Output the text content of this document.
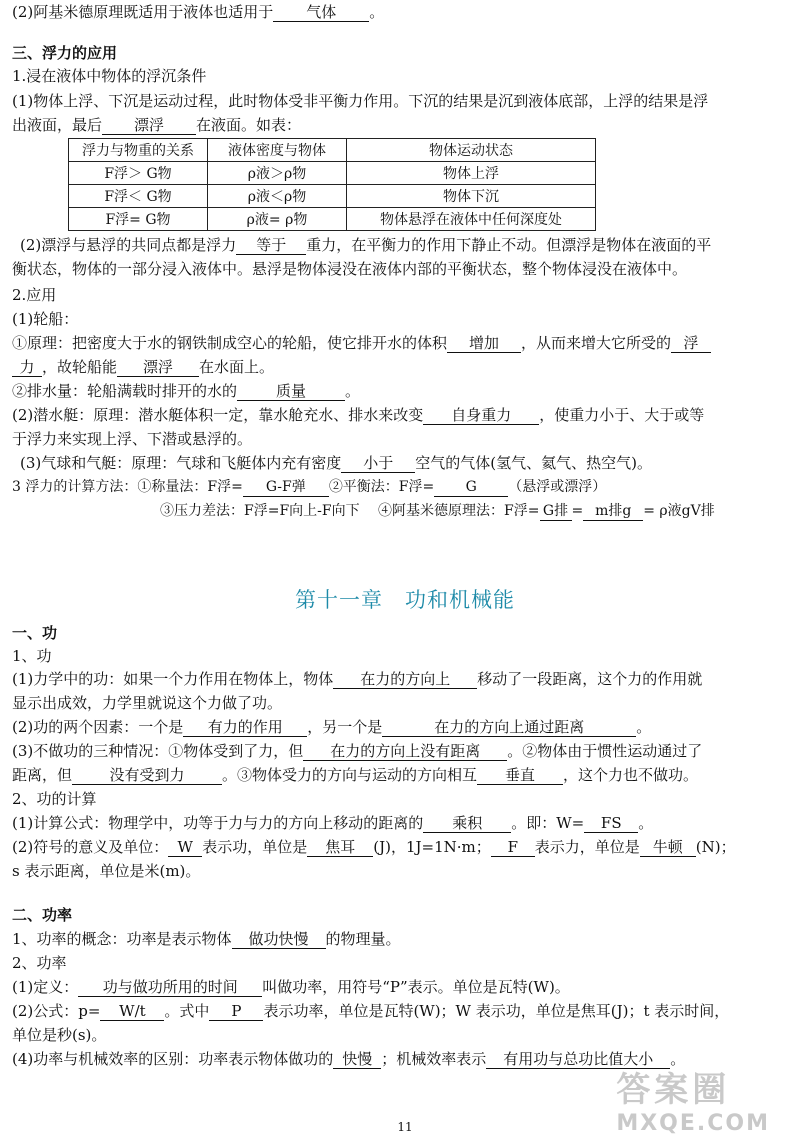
(2)阿基米德原理既适用于液体也适用于 气体 。
三、浮力的应用
1.浸在液体中物体的浮沉条件
(1)物体上浮、下沉是运动过程，此时物体受非平衡力作用。下沉的结果是沉到液体底部，上浮的结果是浮
出液面，最后 漂浮 在液面。如表：
浮力与物重的关系	液体密度与物体	物体运动状态
F浮＞ G物	ρ液＞ρ物	物体上浮
F浮＜ G物	ρ液＜ρ物	物体下沉
F浮= G物	ρ液= ρ物	物体悬浮在液体中任何深度处
(2)漂浮与悬浮的共同点都是浮力 等于 重力，在平衡力的作用下静止不动。但漂浮是物体在液面的平
衡状态，物体的一部分浸入液体中。悬浮是物体浸没在液体内部的平衡状态，整个物体浸没在液体中。
2.应用
(1)轮船：
①原理：把密度大于水的钢铁制成空心的轮船，使它排开水的体积 增加 ，从而来增大它所受的 浮
力 ，故轮船能 漂浮 在水面上。
②排水量：轮船满载时排开的水的	质量	。
(2)潜水艇：原理：潜水艇体积一定，靠水舱充水、排水来改变 自身重力 ，使重力小于、大于或等
于浮力来实现上浮、下潜或悬浮的。
(3)气球和气艇：原理：气球和飞艇体内充有密度 小于 空气的气体(氢气、氦气、热空气)。
3 浮力的计算方法：①称量法：F浮= G-F弹 ②平衡法：F浮= G （悬浮或漂浮）
③压力差法：F浮=F向上-F向下　 ④阿基米德原理法：F浮= G排 = m排g = ρ液gV排
第十一章　功和机械能
一、功
1、功
(1)力学中的功：如果一个力作用在物体上，物体 在力的方向上 移动了一段距离，这个力的作用就
显示出成效，力学里就说这个力做了功。
(2)功的两个因素：一个是 有力的作用 ，另一个是	在力的方向上通过距离	。
(3)不做功的三种情况：①物体受到了力，但 在力的方向上没有距离 。②物体由于惯性运动通过了
距离，但 没有受到力	。③物体受力的方向与运动的方向相互 垂直 ，这个力也不做功。
2、功的计算
(1)计算公式：物理学中，功等于力与力的方向上移动的距离的 乘积 。即：W= FS 。
(2)符号的意义及单位： W 表示功，单位是 焦耳 (J)，1J=1N·m； F 表示力，单位是 牛顿 (N)；
s 表示距离，单位是米(m)。
二、功率
1、功率的概念：功率是表示物体 做功快慢 的物理量。
2、功率
(1)定义： 功与做功所用的时间 叫做功率，用符号“P”表示。单位是瓦特(W)。
(2)公式：p= W/t 。式中 P 表示功率，单位是瓦特(W)；W 表示功，单位是焦耳(J)；t 表示时间，
单位是秒(s)。
(4)功率与机械效率的区别：功率表示物体做功的 快慢 ；机械效率表示 有用功与总功比值大小 。
答案圈
MXQE.COM
11
